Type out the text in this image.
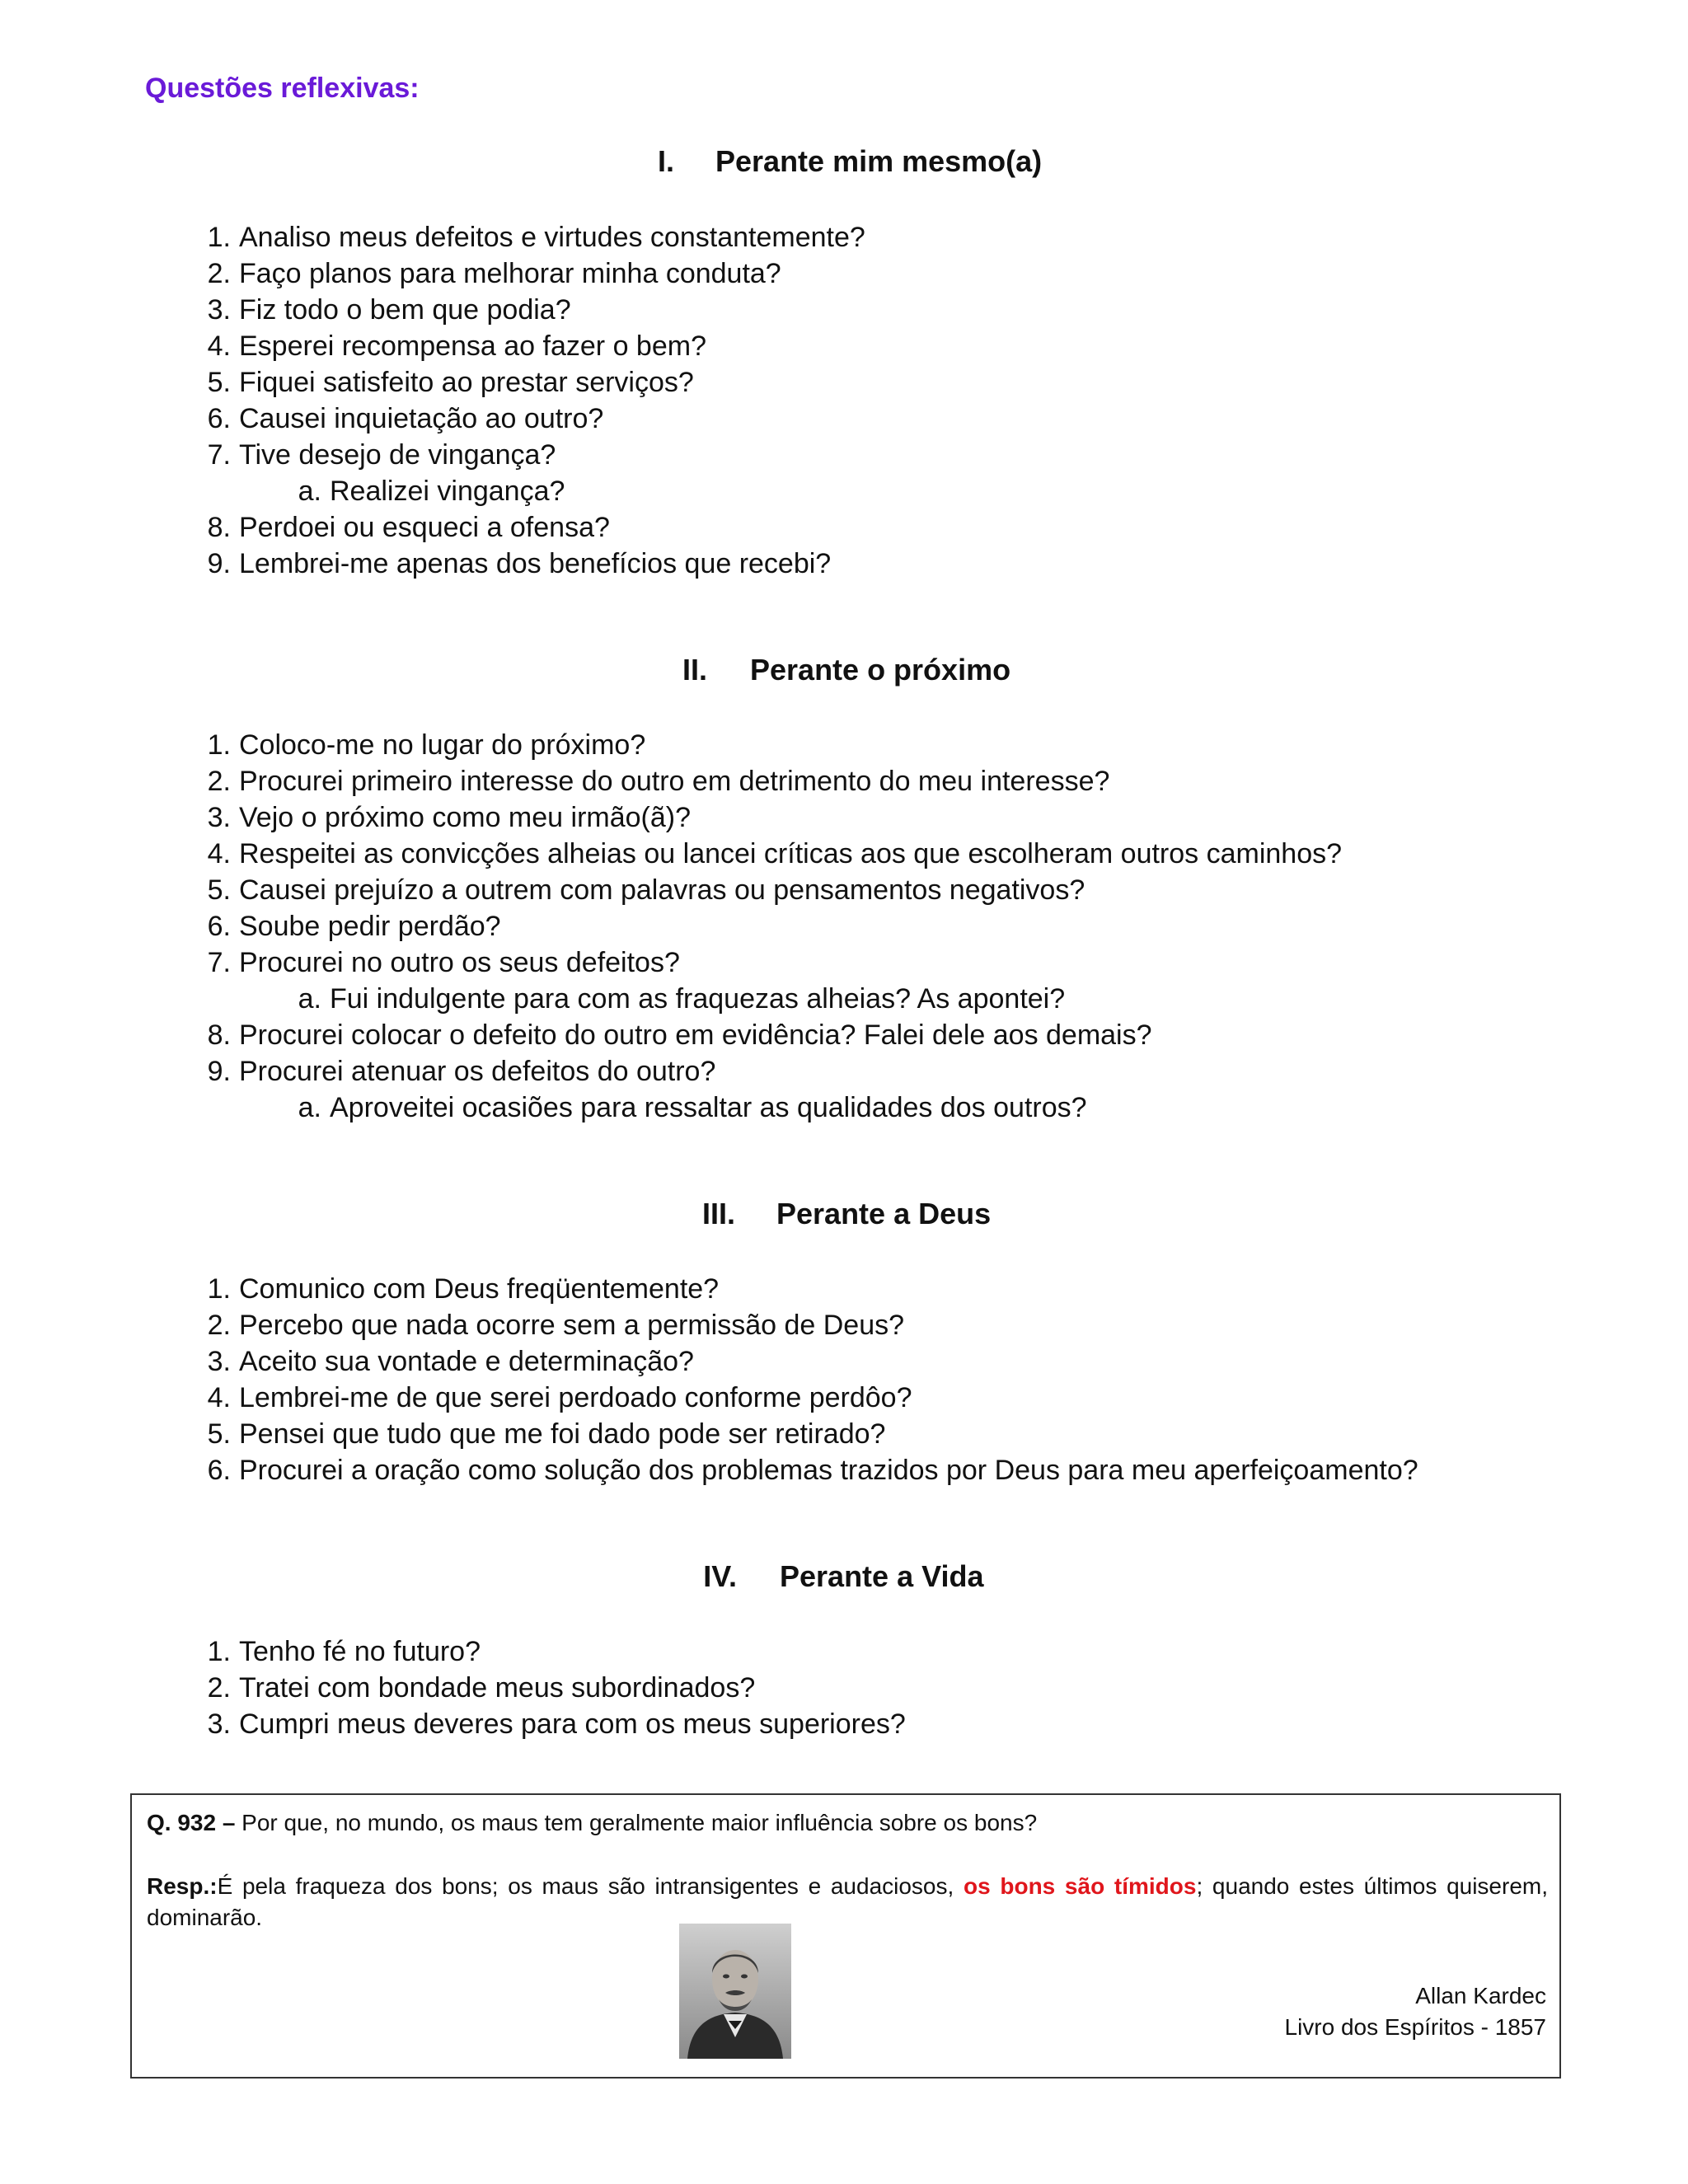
Questões reflexivas:
I. Perante mim mesmo(a)
1. Analiso meus defeitos e virtudes constantemente?
2. Faço planos para melhorar minha conduta?
3. Fiz todo o bem que podia?
4. Esperei recompensa ao fazer o bem?
5. Fiquei satisfeito ao prestar serviços?
6. Causei inquietação ao outro?
7. Tive desejo de vingança?
a. Realizei vingança?
8. Perdoei ou esqueci a ofensa?
9. Lembrei-me apenas dos benefícios que recebi?
II. Perante o próximo
1. Coloco-me no lugar do próximo?
2. Procurei primeiro interesse do outro em detrimento do meu interesse?
3. Vejo o próximo como meu irmão(ã)?
4. Respeitei as convicções alheias ou lancei críticas aos que escolheram outros caminhos?
5. Causei prejuízo a outrem com palavras ou pensamentos negativos?
6. Soube pedir perdão?
7. Procurei no outro os seus defeitos?
a. Fui indulgente para com as fraquezas alheias? As apontei?
8. Procurei colocar o defeito do outro em evidência? Falei dele aos demais?
9. Procurei atenuar os defeitos do outro?
a. Aproveitei ocasiões para ressaltar as qualidades dos outros?
III. Perante a Deus
1. Comunico com Deus freqüentemente?
2. Percebo que nada ocorre sem a permissão de Deus?
3. Aceito sua vontade e determinação?
4. Lembrei-me de que serei perdoado conforme perdôo?
5. Pensei que tudo que me foi dado pode ser retirado?
6. Procurei a oração como solução dos problemas trazidos por Deus para meu aperfeiçoamento?
IV. Perante a Vida
1. Tenho fé no futuro?
2. Tratei com bondade meus subordinados?
3. Cumpri meus deveres para com os meus superiores?
Q. 932 – Por que, no mundo, os maus tem geralmente maior influência sobre os bons?
Resp.:É pela fraqueza dos bons; os maus são intransigentes e audaciosos, os bons são tímidos; quando estes últimos quiserem, dominarão.
Allan Kardec
Livro dos Espíritos - 1857
